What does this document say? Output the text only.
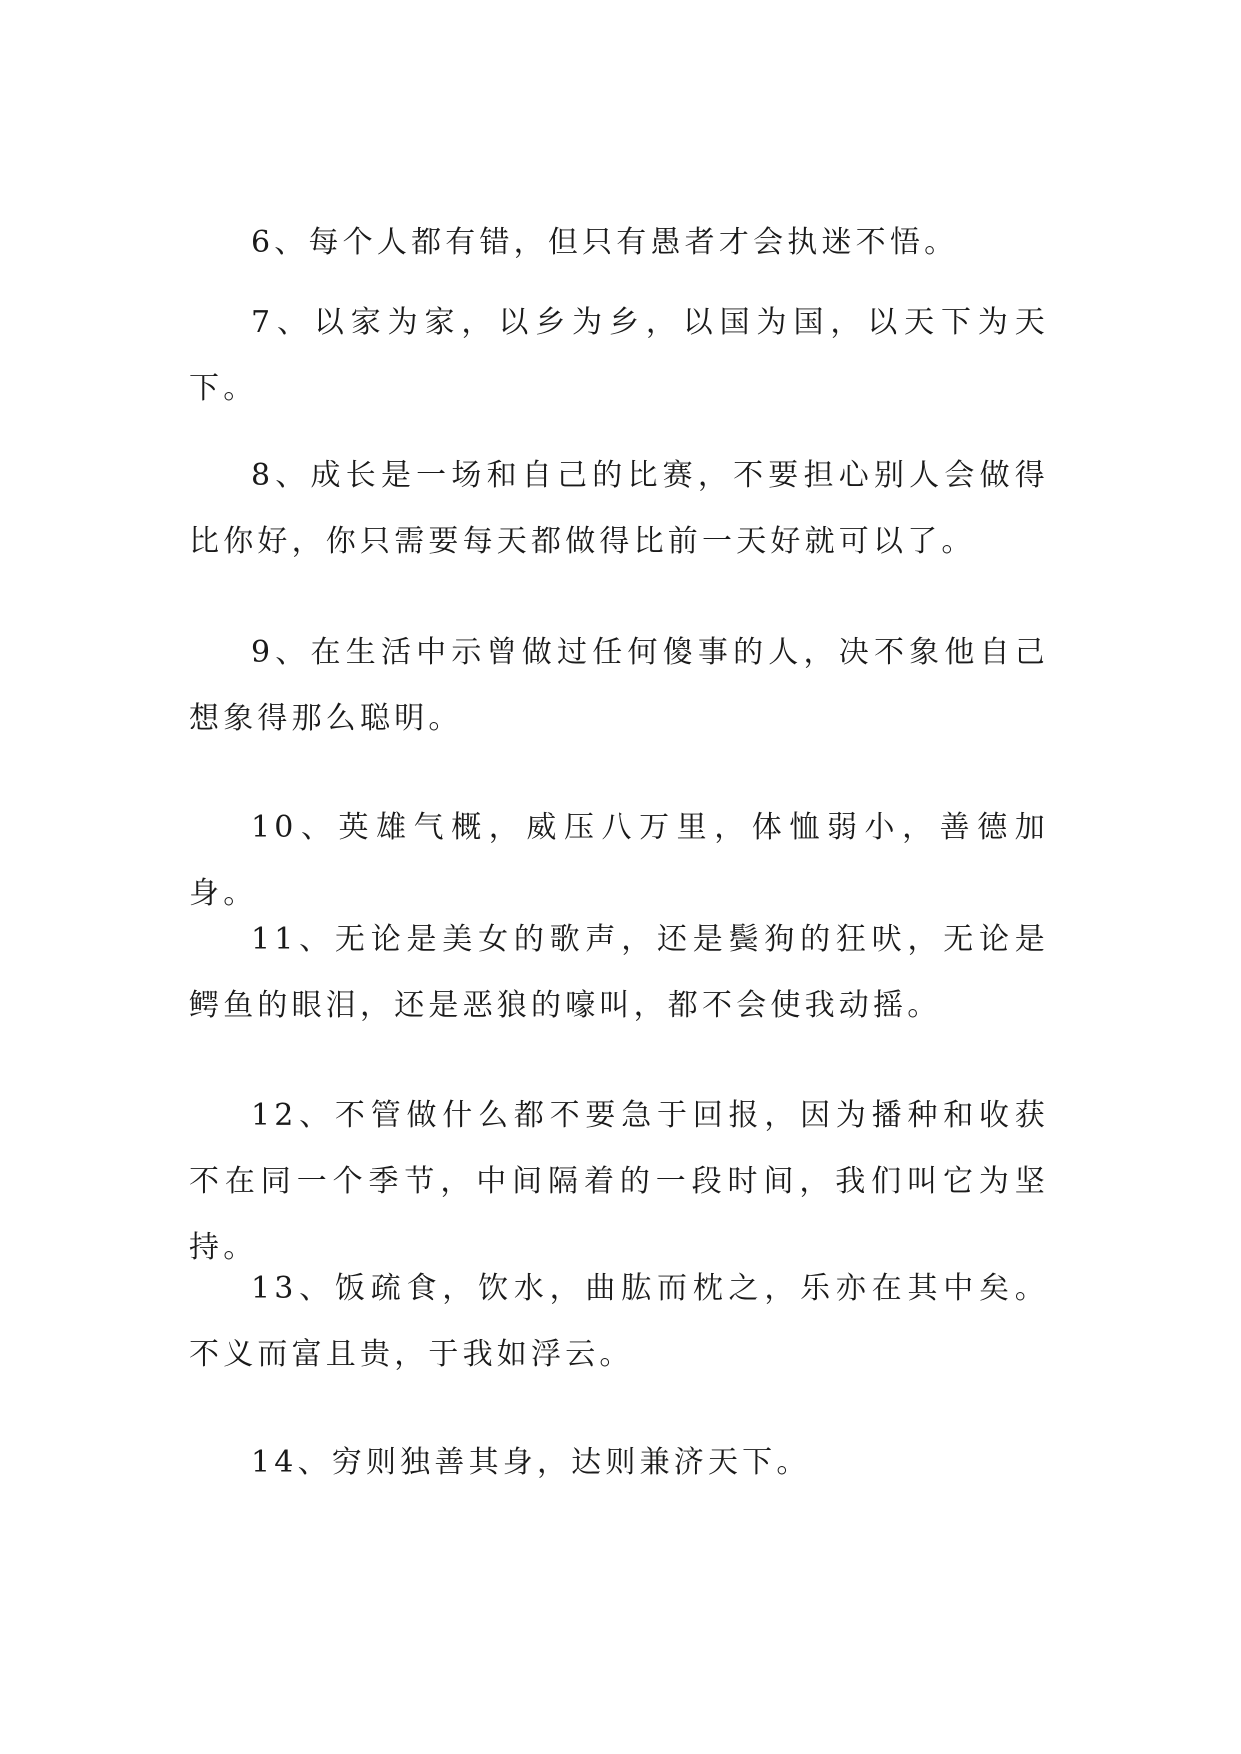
6、每个人都有错，但只有愚者才会执迷不悟。

7、以家为家，以乡为乡，以国为国，以天下为天下。

8、成长是一场和自己的比赛，不要担心别人会做得比你好，你只需要每天都做得比前一天好就可以了。

9、在生活中示曾做过任何傻事的人，决不象他自己想象得那么聪明。

10、英雄气概，威压八万里，体恤弱小，善德加身。

11、无论是美女的歌声，还是鬓狗的狂吠，无论是鳄鱼的眼泪，还是恶狼的嚎叫，都不会使我动摇。

12、不管做什么都不要急于回报，因为播种和收获不在同一个季节，中间隔着的一段时间，我们叫它为坚持。

13、饭疏食，饮水，曲肱而枕之，乐亦在其中矣。不义而富且贵，于我如浮云。

14、穷则独善其身，达则兼济天下。
